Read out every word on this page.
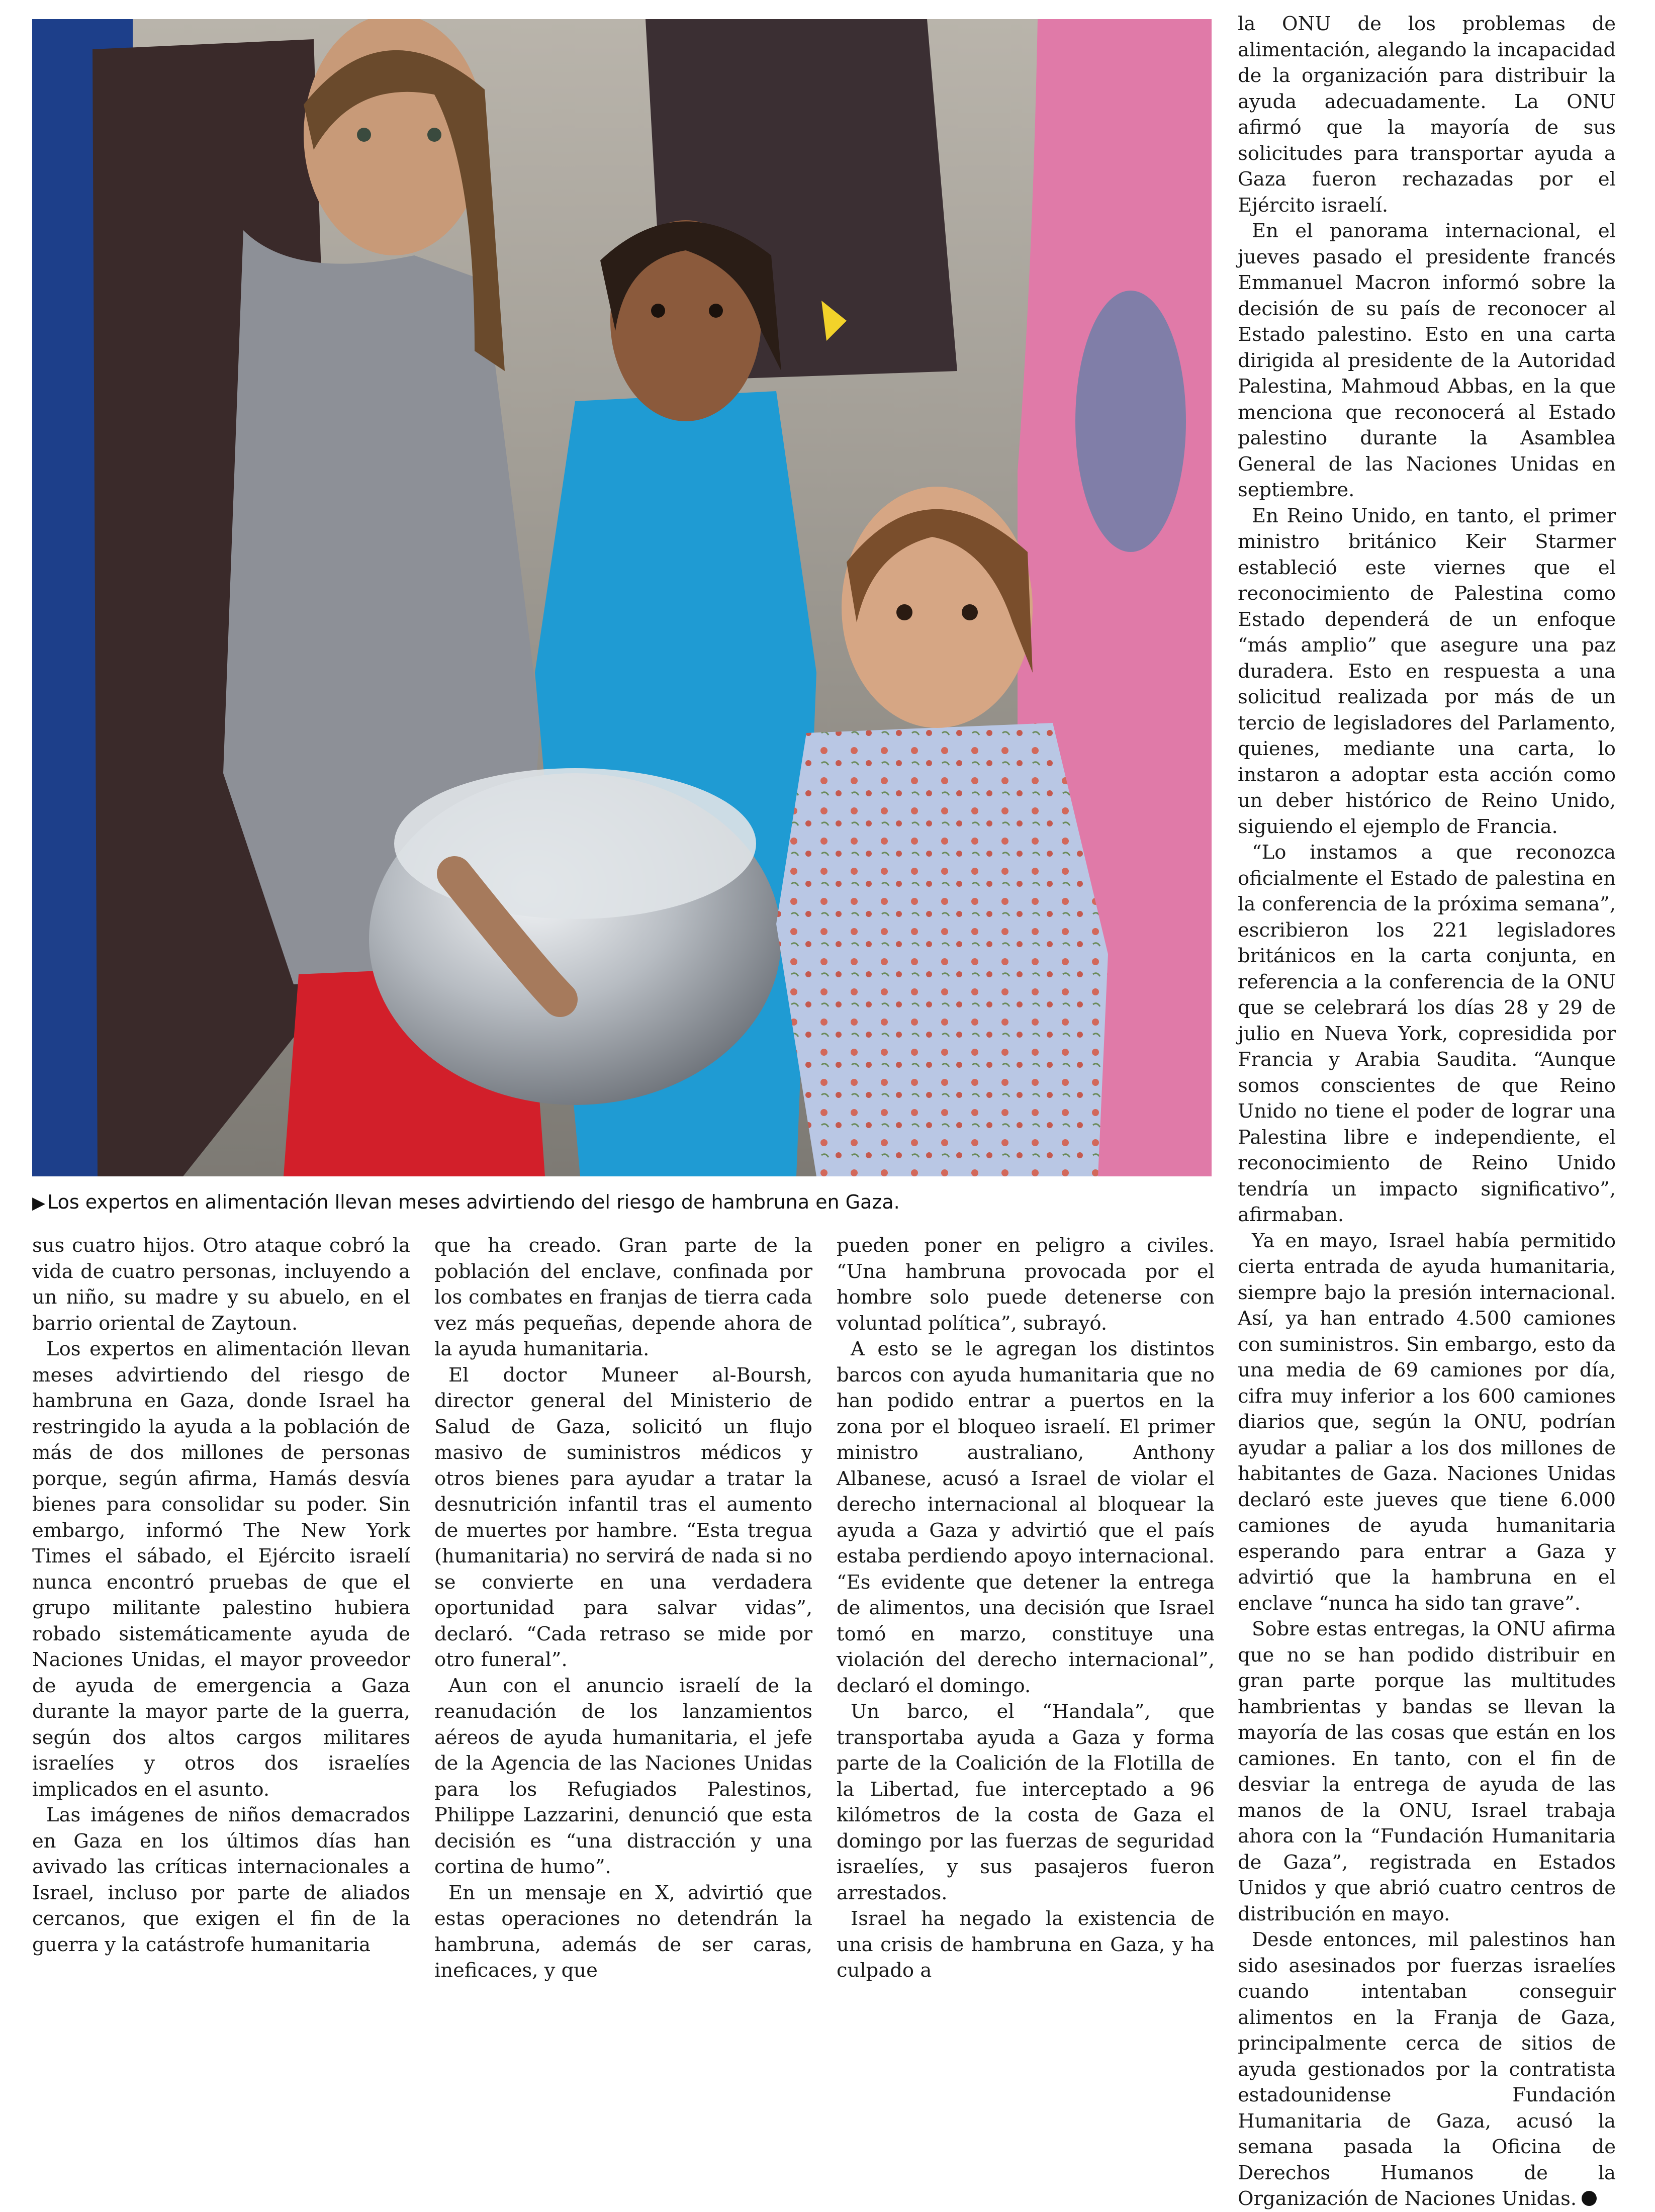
▶ Los expertos en alimentación llevan meses advirtiendo del riesgo de hambruna en Gaza.

sus cuatro hijos. Otro ataque cobró la vida de cuatro personas, incluyendo a un niño, su madre y su abuelo, en el barrio oriental de Zaytoun.

Los expertos en alimentación llevan meses advirtiendo del riesgo de hambruna en Gaza, donde Israel ha restringido la ayuda a la población de más de dos millones de personas porque, según afirma, Hamás desvía bienes para consolidar su poder. Sin embargo, informó The New York Times el sábado, el Ejército israelí nunca encontró pruebas de que el grupo militante palestino hubiera robado sistemáticamente ayuda de Naciones Unidas, el mayor proveedor de ayuda de emergencia a Gaza durante la mayor parte de la guerra, según dos altos cargos militares israelíes y otros dos israelíes implicados en el asunto.

Las imágenes de niños demacrados en Gaza en los últimos días han avivado las críticas internacionales a Israel, incluso por parte de aliados cercanos, que exigen el fin de la guerra y la catástrofe humanitaria

que ha creado. Gran parte de la población del enclave, confinada por los combates en franjas de tierra cada vez más pequeñas, depende ahora de la ayuda humanitaria.

El doctor Muneer al-Boursh, director general del Ministerio de Salud de Gaza, solicitó un flujo masivo de suministros médicos y otros bienes para ayudar a tratar la desnutrición infantil tras el aumento de muertes por hambre. “Esta tregua (humanitaria) no servirá de nada si no se convierte en una verdadera oportunidad para salvar vidas”, declaró. “Cada retraso se mide por otro funeral”.

Aun con el anuncio israelí de la reanudación de los lanzamientos aéreos de ayuda humanitaria, el jefe de la Agencia de las Naciones Unidas para los Refugiados Palestinos, Philippe Lazzarini, denunció que esta decisión es “una distracción y una cortina de humo”.

En un mensaje en X, advirtió que estas operaciones no detendrán la hambruna, además de ser caras, ineficaces, y que

pueden poner en peligro a civiles. “Una hambruna provocada por el hombre solo puede detenerse con voluntad política”, subrayó.

A esto se le agregan los distintos barcos con ayuda humanitaria que no han podido entrar a puertos en la zona por el bloqueo israelí. El primer ministro australiano, Anthony Albanese, acusó a Israel de violar el derecho internacional al bloquear la ayuda a Gaza y advirtió que el país estaba perdiendo apoyo internacional. “Es evidente que detener la entrega de alimentos, una decisión que Israel tomó en marzo, constituye una violación del derecho internacional”, declaró el domingo.

Un barco, el “Handala”, que transportaba ayuda a Gaza y forma parte de la Coalición de la Flotilla de la Libertad, fue interceptado a 96 kilómetros de la costa de Gaza el domingo por las fuerzas de seguridad israelíes, y sus pasajeros fueron arrestados.

Israel ha negado la existencia de una crisis de hambruna en Gaza, y ha culpado a

la ONU de los problemas de alimentación, alegando la incapacidad de la organización para distribuir la ayuda adecuadamente. La ONU afirmó que la mayoría de sus solicitudes para transportar ayuda a Gaza fueron rechazadas por el Ejército israelí.

En el panorama internacional, el jueves pasado el presidente francés Emmanuel Macron informó sobre la decisión de su país de reconocer al Estado palestino. Esto en una carta dirigida al presidente de la Autoridad Palestina, Mahmoud Abbas, en la que menciona que reconocerá al Estado palestino durante la Asamblea General de las Naciones Unidas en septiembre.

En Reino Unido, en tanto, el primer ministro británico Keir Starmer estableció este viernes que el reconocimiento de Palestina como Estado dependerá de un enfoque “más amplio” que asegure una paz duradera. Esto en respuesta a una solicitud realizada por más de un tercio de legisladores del Parlamento, quienes, mediante una carta, lo instaron a adoptar esta acción como un deber histórico de Reino Unido, siguiendo el ejemplo de Francia.

“Lo instamos a que reconozca oficialmente el Estado de palestina en la conferencia de la próxima semana”, escribieron los 221 legisladores británicos en la carta conjunta, en referencia a la conferencia de la ONU que se celebrará los días 28 y 29 de julio en Nueva York, copresidida por Francia y Arabia Saudita. “Aunque somos conscientes de que Reino Unido no tiene el poder de lograr una Palestina libre e independiente, el reconocimiento de Reino Unido tendría un impacto significativo”, afirmaban.

Ya en mayo, Israel había permitido cierta entrada de ayuda humanitaria, siempre bajo la presión internacional. Así, ya han entrado 4.500 camiones con suministros. Sin embargo, esto da una media de 69 camiones por día, cifra muy inferior a los 600 camiones diarios que, según la ONU, podrían ayudar a paliar a los dos millones de habitantes de Gaza. Naciones Unidas declaró este jueves que tiene 6.000 camiones de ayuda humanitaria esperando para entrar a Gaza y advirtió que la hambruna en el enclave “nunca ha sido tan grave”.

Sobre estas entregas, la ONU afirma que no se han podido distribuir en gran parte porque las multitudes hambrientas y bandas se llevan la mayoría de las cosas que están en los camiones. En tanto, con el fin de desviar la entrega de ayuda de las manos de la ONU, Israel trabaja ahora con la “Fundación Humanitaria de Gaza”, registrada en Estados Unidos y que abrió cuatro centros de distribución en mayo.

Desde entonces, mil palestinos han sido asesinados por fuerzas israelíes cuando intentaban conseguir alimentos en la Franja de Gaza, principalmente cerca de sitios de ayuda gestionados por la contratista estadounidense Fundación Humanitaria de Gaza, acusó la semana pasada la Oficina de Derechos Humanos de la Organización de Naciones Unidas.
